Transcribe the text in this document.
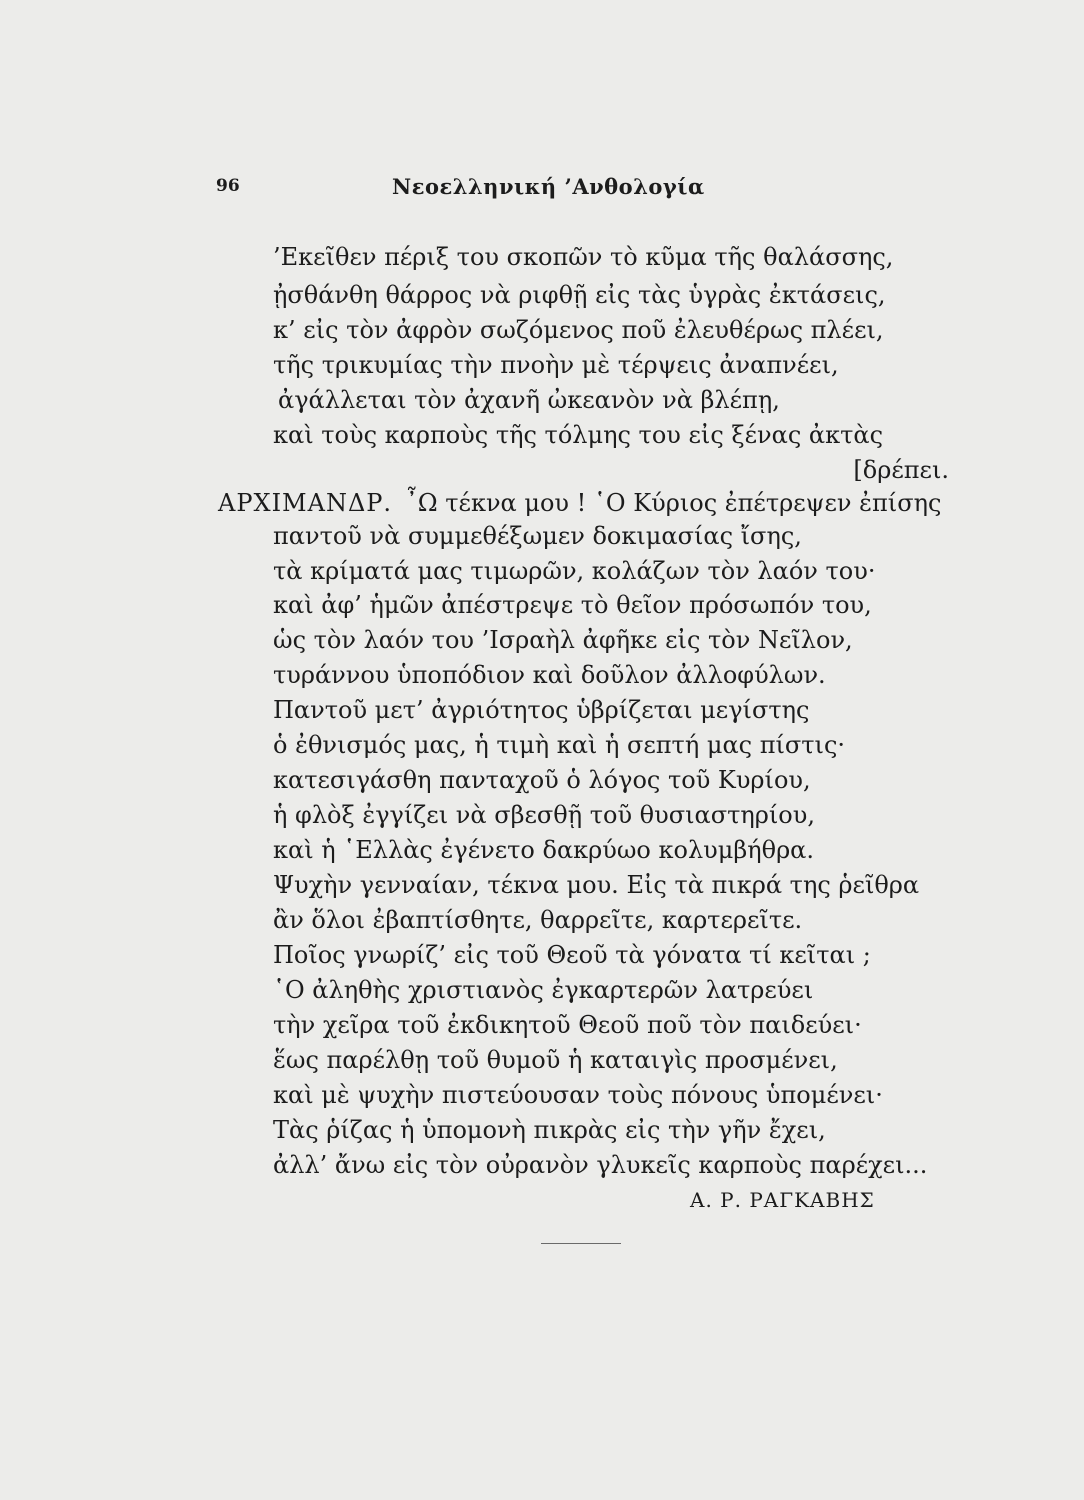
96	Νεοελληνική ’Ανθολογία
’Εκεῖθεν πέριξ του σκοπῶν τὸ κῦμα τῆς θαλάσσης,
ᾐσθάνθη θάρρος νὰ ριφθῇ εἰς τὰς ὑγρὰς ἐκτάσεις,
κ’ εἰς τὸν ἀφρὸν σωζόμενος ποῦ ἐλευθέρως πλέει,
τῆς τρικυμίας τὴν πνοὴν μὲ τέρψεις ἀναπνέει,
ἀγάλλεται τὸν ἀχανῆ ὠκεανὸν νὰ βλέπῃ,
καὶ τοὺς καρποὺς τῆς τόλμης του εἰς ξένας ἀκτὰς
[δρέπει.
ΑΡΧΙΜΑΝΔΡ. ῏Ω τέκνα μου ! ῾Ο Κύριος ἐπέτρεψεν ἐπίσης
παντοῦ νὰ συμμεθέξωμεν δοκιμασίας ἴσης,
τὰ κρίματά μας τιμωρῶν, κολάζων τὸν λαόν του·
καὶ ἀφ’ ἡμῶν ἀπέστρεψε τὸ θεῖον πρόσωπόν του,
ὡς τὸν λαόν του ’Ισραὴλ ἀφῆκε εἰς τὸν Νεῖλον,
τυράννου ὑποπόδιον καὶ δοῦλον ἀλλοφύλων.
Παντοῦ μετ’ ἀγριότητος ὑβρίζεται μεγίστης
ὁ ἐθνισμός μας, ἡ τιμὴ καὶ ἡ σεπτή μας πίστις·
κατεσιγάσθη πανταχοῦ ὁ λόγος τοῦ Κυρίου,
ἡ φλὸξ ἐγγίζει νὰ σβεσθῇ τοῦ θυσιαστηρίου,
καὶ ἡ ῾Ελλὰς ἐγένετο δακρύωο κολυμβήθρα.
Ψυχὴν γενναίαν, τέκνα μου. Εἰς τὰ πικρά της ῥεῖθρα
ἂν ὅλοι ἐβαπτίσθητε, θαρρεῖτε, καρτερεῖτε.
Ποῖος γνωρίζ’ εἰς τοῦ Θεοῦ τὰ γόνατα τί κεῖται ;
῾Ο ἀληθὴς χριστιανὸς ἐγκαρτερῶν λατρεύει
τὴν χεῖρα τοῦ ἐκδικητοῦ Θεοῦ ποῦ τὸν παιδεύει·
ἕως παρέλθῃ τοῦ θυμοῦ ἡ καταιγὶς προσμένει,
καὶ μὲ ψυχὴν πιστεύουσαν τοὺς πόνους ὑπομένει·
Τὰς ῥίζας ἡ ὑπομονὴ πικρὰς εἰς τὴν γῆν ἔχει,
ἀλλ’ ἄνω εἰς τὸν οὐρανὸν γλυκεῖς καρποὺς παρέχει...
Α. Ρ. ΡΑΓΚΑΒΗΣ
